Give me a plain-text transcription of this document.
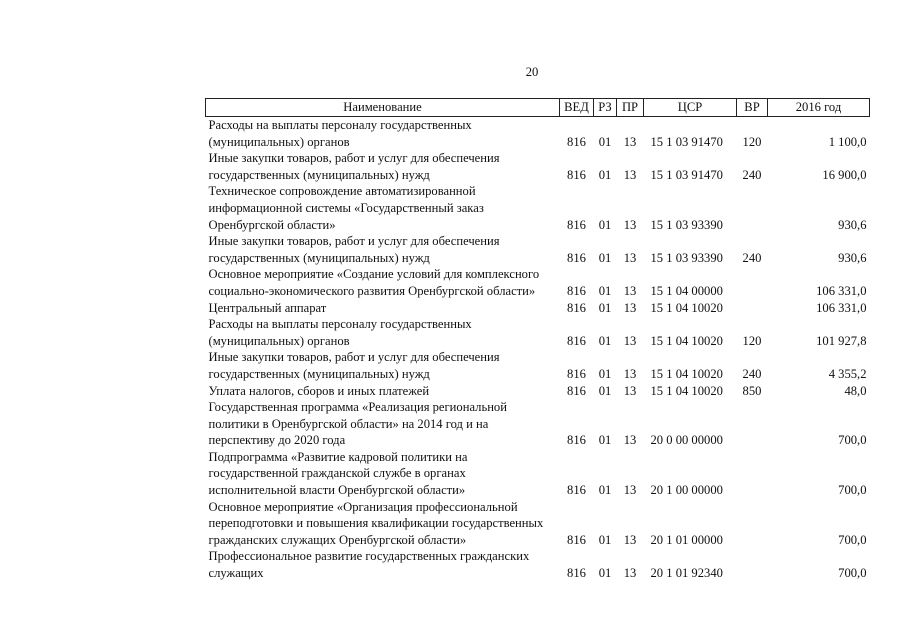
20
Наименование	ВЕД	РЗ	ПР	ЦСР	ВР	2016 год

Расходы на выплаты персоналу государственных
(муниципальных) органов	816	01	13	15 1 03 91470	120	1 100,0

Иные закупки товаров, работ и услуг для обеспечения
государственных (муниципальных) нужд	816	01	13	15 1 03 91470	240	16 900,0

Техническое сопровождение автоматизированной
информационной системы «Государственный заказ
Оренбургской области»	816	01	13	15 1 03 93390		930,6

Иные закупки товаров, работ и услуг для обеспечения
государственных (муниципальных) нужд	816	01	13	15 1 03 93390	240	930,6

Основное мероприятие «Создание условий для комплексного
социально-экономического развития Оренбургской области»	816	01	13	15 1 04 00000		106 331,0

Центральный аппарат	816	01	13	15 1 04 10020		106 331,0

Расходы на выплаты персоналу государственных
(муниципальных) органов	816	01	13	15 1 04 10020	120	101 927,8

Иные закупки товаров, работ и услуг для обеспечения
государственных (муниципальных) нужд	816	01	13	15 1 04 10020	240	4 355,2

Уплата налогов, сборов и иных платежей	816	01	13	15 1 04 10020	850	48,0

Государственная программа «Реализация региональной
политики в Оренбургской области» на 2014 год и на
перспективу до 2020 года	816	01	13	20 0 00 00000		700,0

Подпрограмма «Развитие кадровой политики на
государственной гражданской службе в органах
исполнительной власти Оренбургской области»	816	01	13	20 1 00 00000		700,0

Основное мероприятие «Организация профессиональной
переподготовки и повышения квалификации государственных
гражданских служащих Оренбургской области»	816	01	13	20 1 01 00000		700,0

Профессиональное развитие государственных гражданских
служащих	816	01	13	20 1 01 92340		700,0
